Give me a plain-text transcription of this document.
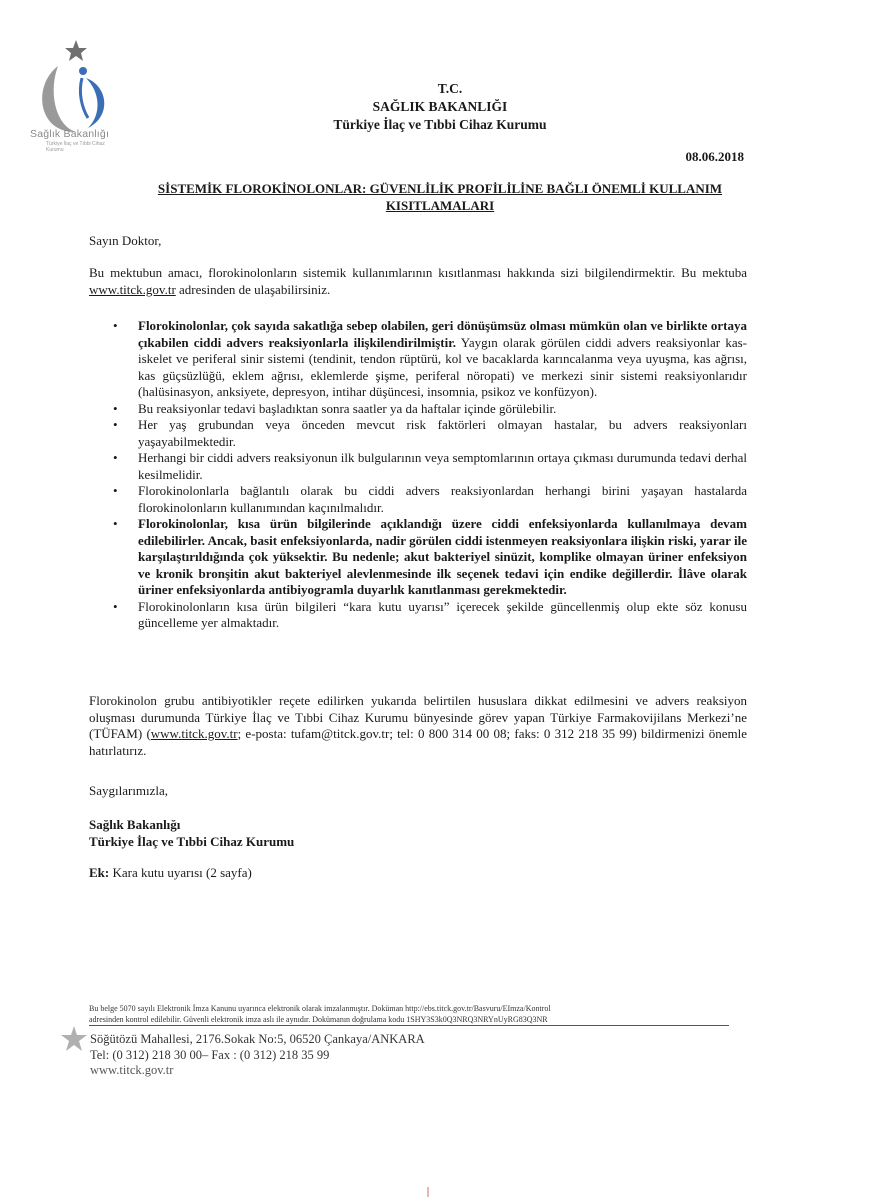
Sağlık Bakanlığı
Türkiye İlaç ve Tıbbi Cihaz Kurumu
T.C.
SAĞLIK BAKANLIĞI
Türkiye İlaç ve Tıbbi Cihaz Kurumu
08.06.2018
SİSTEMİK FLOROKİNOLONLAR: GÜVENLİLİK PROFİLİLİNE BAĞLI ÖNEMLİ KULLANIM
KISITLAMALARI
Sayın Doktor,
Bu mektubun amacı, florokinolonların sistemik kullanımlarının kısıtlanması hakkında sizi bilgilendirmektir. Bu mektuba www.titck.gov.tr adresinden de ulaşabilirsiniz.
• Florokinolonlar, çok sayıda sakatlığa sebep olabilen, geri dönüşümsüz olması mümkün olan ve birlikte ortaya çıkabilen ciddi advers reaksiyonlarla ilişkilendirilmiştir. Yaygın olarak görülen ciddi advers reaksiyonlar kas-iskelet ve periferal sinir sistemi (tendinit, tendon rüptürü, kol ve bacaklarda karıncalanma veya uyuşma, kas ağrısı, kas güçsüzlüğü, eklem ağrısı, eklemlerde şişme, periferal nöropati) ve merkezi sinir sistemi reaksiyonlarıdır (halüsinasyon, anksiyete, depresyon, intihar düşüncesi, insomnia, psikoz ve konfüzyon).
• Bu reaksiyonlar tedavi başladıktan sonra saatler ya da haftalar içinde görülebilir.
• Her yaş grubundan veya önceden mevcut risk faktörleri olmayan hastalar, bu advers reaksiyonları yaşayabilmektedir.
• Herhangi bir ciddi advers reaksiyonun ilk bulgularının veya semptomlarının ortaya çıkması durumunda tedavi derhal kesilmelidir.
• Florokinolonlarla bağlantılı olarak bu ciddi advers reaksiyonlardan herhangi birini yaşayan hastalarda florokinolonların kullanımından kaçınılmalıdır.
• Florokinolonlar, kısa ürün bilgilerinde açıklandığı üzere ciddi enfeksiyonlarda kullanılmaya devam edilebilirler. Ancak, basit enfeksiyonlarda, nadir görülen ciddi istenmeyen reaksiyonlara ilişkin riski, yarar ile karşılaştırıldığında çok yüksektir. Bu nedenle; akut bakteriyel sinüzit, komplike olmayan üriner enfeksiyon ve kronik bronşitin akut bakteriyel alevlenmesinde ilk seçenek tedavi için endike değillerdir. İlâve olarak üriner enfeksiyonlarda antibiyogramla duyarlık kanıtlanması gerekmektedir.
• Florokinolonların kısa ürün bilgileri “kara kutu uyarısı” içerecek şekilde güncellenmiş olup ekte söz konusu güncelleme yer almaktadır.
Florokinolon grubu antibiyotikler reçete edilirken yukarıda belirtilen hususlara dikkat edilmesini ve advers reaksiyon oluşması durumunda Türkiye İlaç ve Tıbbi Cihaz Kurumu bünyesinde görev yapan Türkiye Farmakovijilans Merkezi’ne (TÜFAM) (www.titck.gov.tr; e-posta: tufam@titck.gov.tr; tel: 0 800 314 00 08; faks: 0 312 218 35 99) bildirmenizi önemle hatırlatırız.
Saygılarımızla,
Sağlık Bakanlığı
Türkiye İlaç ve Tıbbi Cihaz Kurumu
Ek: Kara kutu uyarısı (2 sayfa)
Bu belge 5070 sayılı Elektronik İmza Kanunu uyarınca elektronik olarak imzalanmıştır. Doküman http://ebs.titck.gov.tr/Basvuru/EImza/Kontrol
adresinden kontrol edilebilir. Güvenli elektronik imza aslı ile aynıdır. Dokümanın doğrulama kodu 1SHY3S3k0Q3NRQ3NRYnUyRG83Q3NR
Söğütözü Mahallesi, 2176.Sokak No:5, 06520 Çankaya/ANKARA
Tel: (0 312) 218 30 00– Fax : (0 312) 218 35 99
www.titck.gov.tr
